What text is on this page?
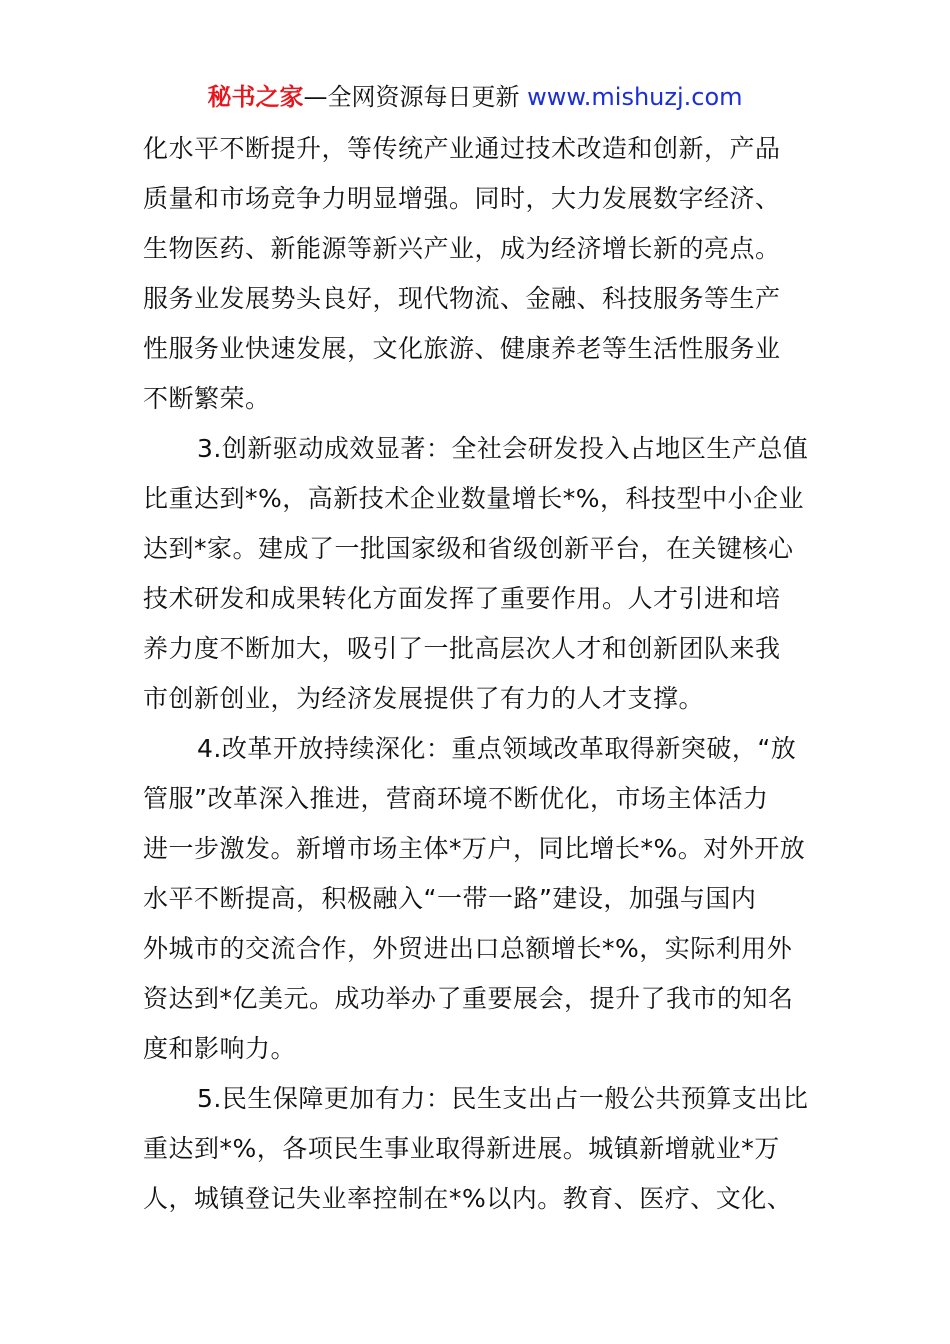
秘书之家—全网资源每日更新 www.mishuzj.com
化水平不断提升，等传统产业通过技术改造和创新，产品
质量和市场竞争力明显增强。同时，大力发展数字经济、
生物医药、新能源等新兴产业，成为经济增长新的亮点。
服务业发展势头良好，现代物流、金融、科技服务等生产
性服务业快速发展，文化旅游、健康养老等生活性服务业
不断繁荣。
3.创新驱动成效显著：全社会研发投入占地区生产总值
比重达到*%，高新技术企业数量增长*%，科技型中小企业
达到*家。建成了一批国家级和省级创新平台，在关键核心
技术研发和成果转化方面发挥了重要作用。人才引进和培
养力度不断加大，吸引了一批高层次人才和创新团队来我
市创新创业，为经济发展提供了有力的人才支撑。
4.改革开放持续深化：重点领域改革取得新突破，“放
管服”改革深入推进，营商环境不断优化，市场主体活力
进一步激发。新增市场主体*万户，同比增长*%。对外开放
水平不断提高，积极融入“一带一路”建设，加强与国内
外城市的交流合作，外贸进出口总额增长*%，实际利用外
资达到*亿美元。成功举办了重要展会，提升了我市的知名
度和影响力。
5.民生保障更加有力：民生支出占一般公共预算支出比
重达到*%，各项民生事业取得新进展。城镇新增就业*万
人，城镇登记失业率控制在*%以内。教育、医疗、文化、
